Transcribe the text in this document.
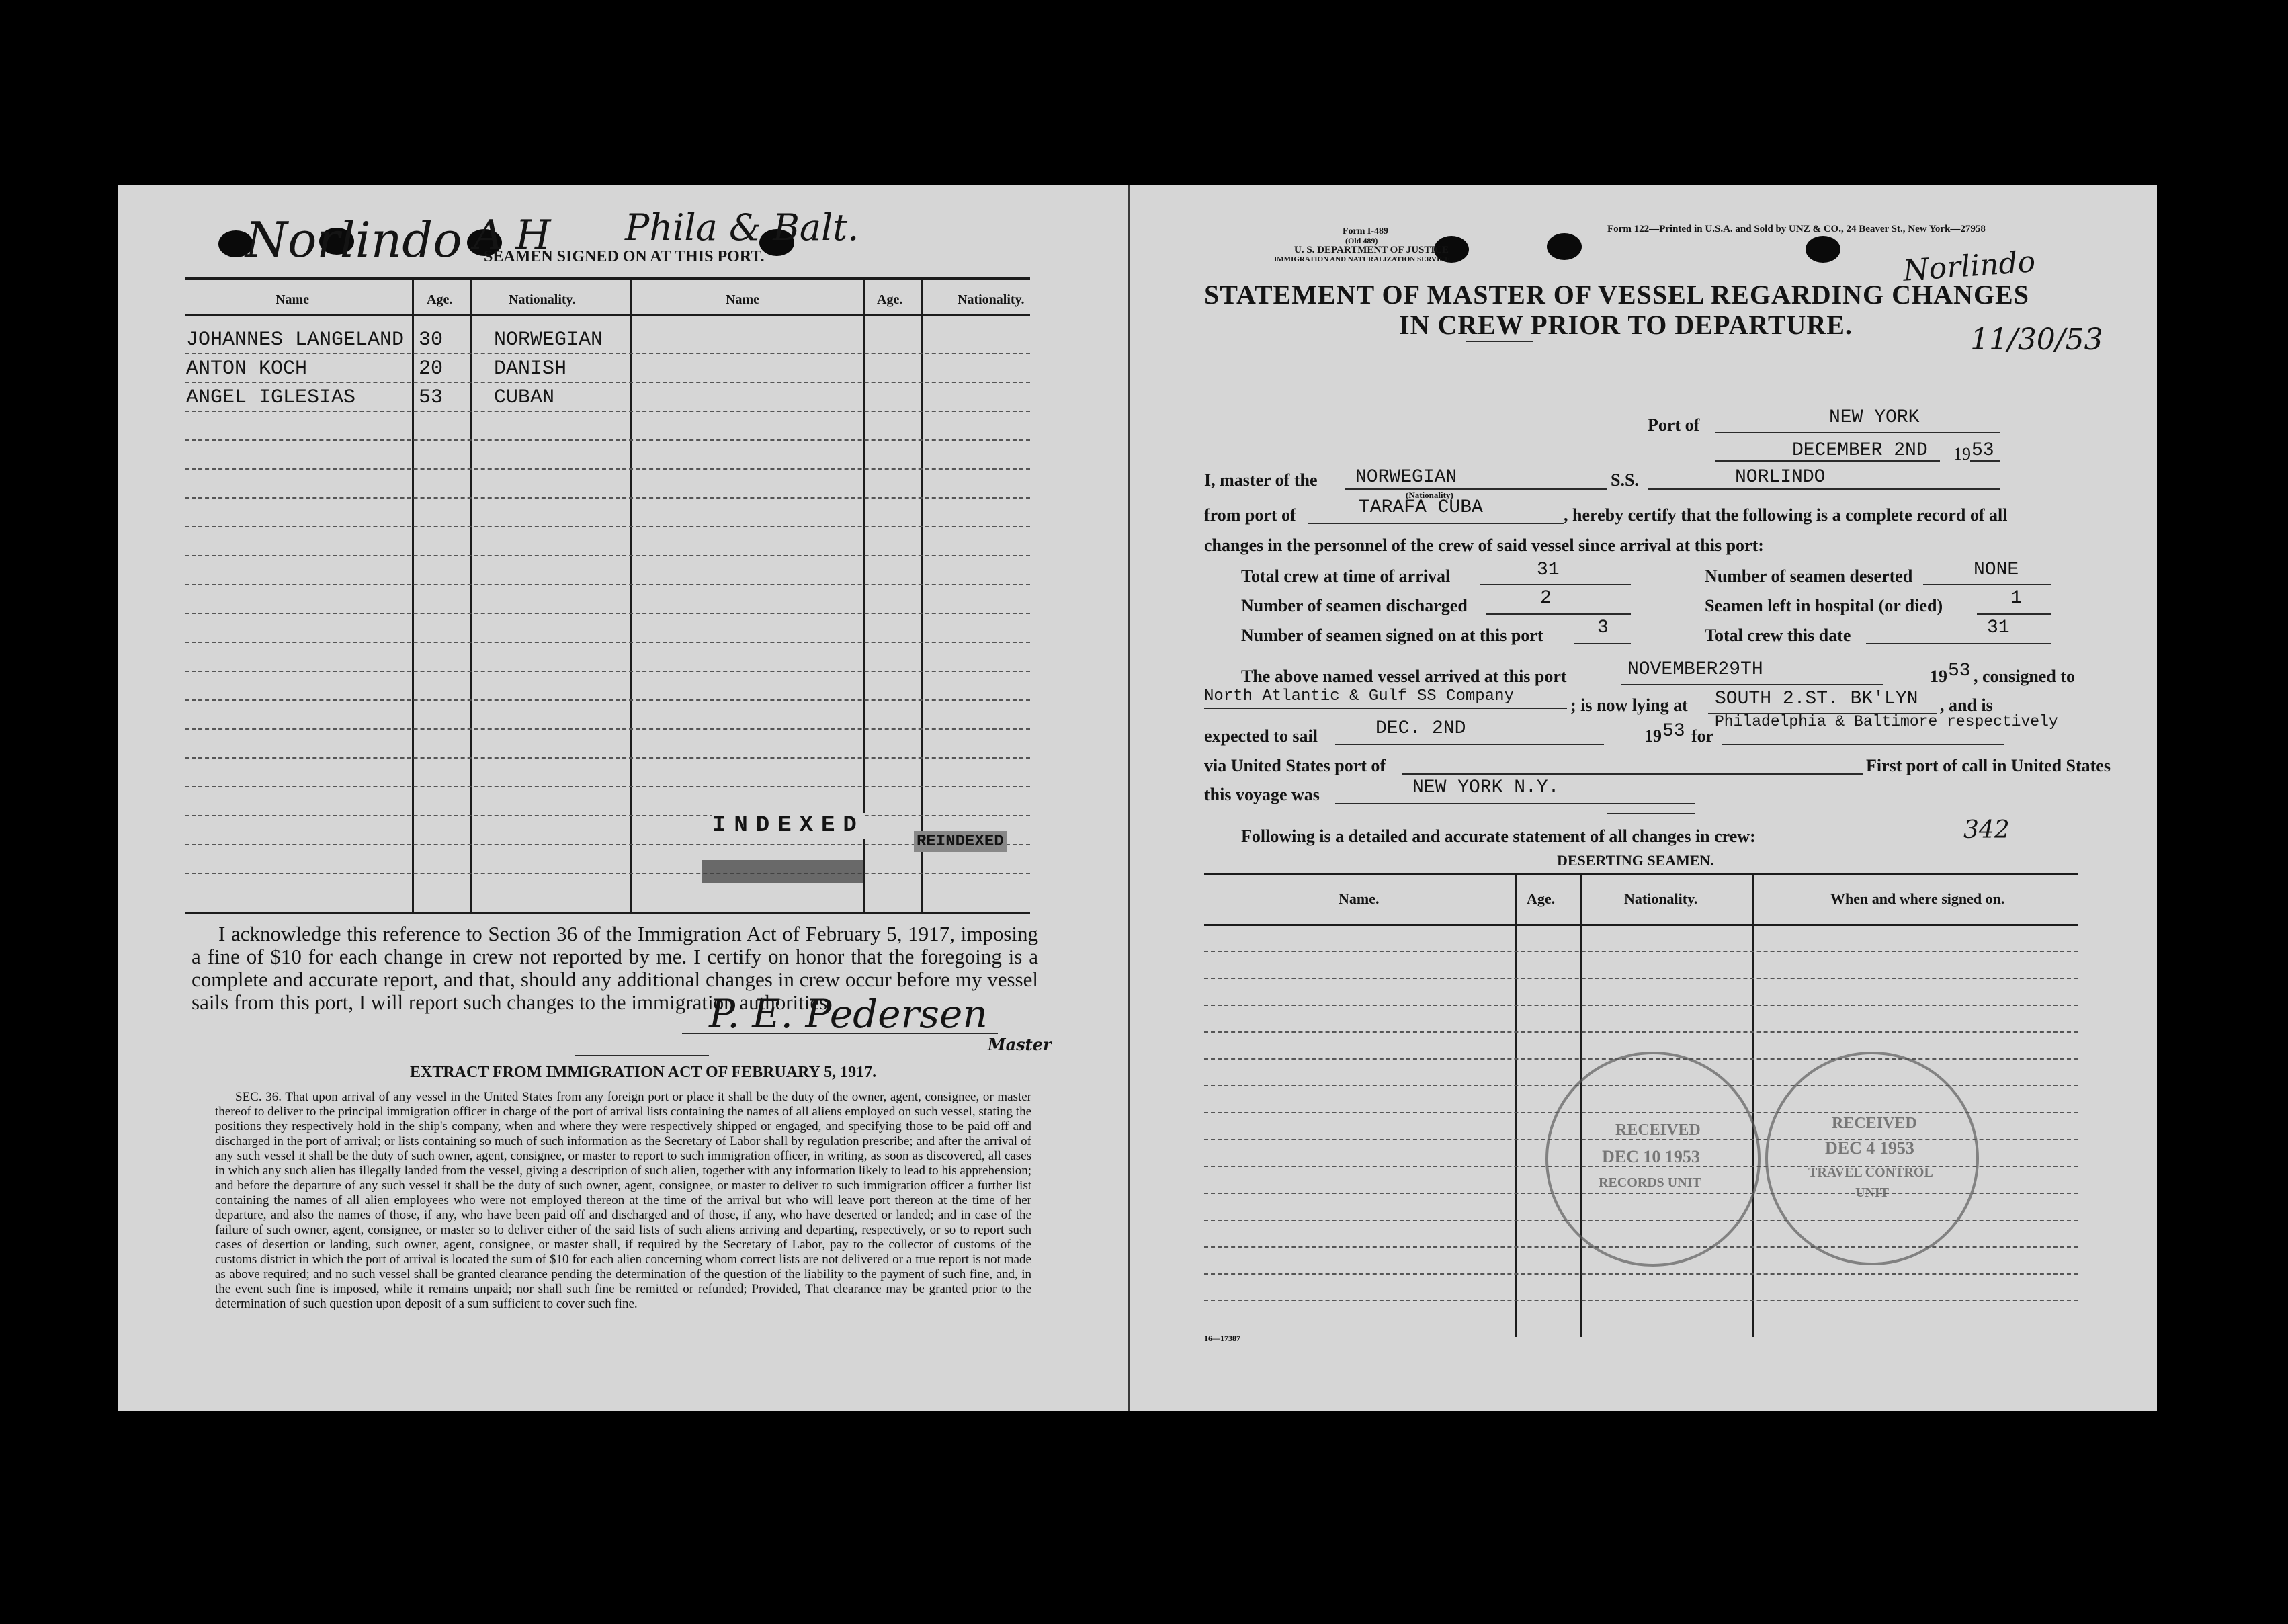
Norlindo A H Phila & Balt.
SEAMEN SIGNED ON AT THIS PORT.
Name	Age.	Nationality.	Name	Age.	Nationality.
JOHANNES LANGELAND 30	NORWEGIAN
ANTON KOCH	20	DANISH
ANGEL IGLESIAS	53	CUBAN
INDEXED
REINDEXED
I acknowledge this reference to Section 36 of the Immigration Act of February 5, 1917, imposing a fine of $10 for each change in crew not reported by me. I certify on honor that the foregoing is a complete and accurate report, and that, should any additional changes in crew occur before my vessel sails from this port, I will report such changes to the immigration authorities.
P. E. Pedersen
Master
EXTRACT FROM IMMIGRATION ACT OF FEBRUARY 5, 1917.
SEC. 36. That upon arrival of any vessel in the United States from any foreign port or place it shall be the duty of the owner, agent, consignee, or master thereof to deliver to the principal immigration officer in charge of the port of arrival lists containing the names of all aliens employed on such vessel, stating the positions they respectively hold in the ship's company, when and where they were respectively shipped or engaged, and specifying those to be paid off and discharged in the port of arrival; or lists containing so much of such information as the Secretary of Labor shall by regulation prescribe; and after the arrival of any such vessel it shall be the duty of such owner, agent, consignee, or master to report to such immigration officer, in writing, as soon as discovered, all cases in which any such alien has illegally landed from the vessel, giving a description of such alien, together with any information likely to lead to his apprehension; and before the departure of any such vessel it shall be the duty of such owner, agent, consignee, or master to deliver to such immigration officer a further list containing the names of all alien employees who were not employed thereon at the time of the arrival but who will leave port thereon at the time of her departure, and also the names of those, if any, who have been paid off and discharged and of those, if any, who have deserted or landed; and in case of the failure of such owner, agent, consignee, or master so to deliver either of the said lists of such aliens arriving and departing, respectively, or so to report such cases of desertion or landing, such owner, agent, consignee, or master shall, if required by the Secretary of Labor, pay to the collector of customs of the customs district in which the port of arrival is located the sum of $10 for each alien concerning whom correct lists are not delivered or a true report is not made as above required; and no such vessel shall be granted clearance pending the determination of the question of the liability to the payment of such fine, and, in the event such fine is imposed, while it remains unpaid; nor shall such fine be remitted or refunded; Provided, That clearance may be granted prior to the determination of such question upon deposit of a sum sufficient to cover such fine.
Form I-489
(Old 489)
U. S. DEPARTMENT OF JUSTICE
IMMIGRATION AND NATURALIZATION SERVICE
Form 122—Printed in U.S.A. and Sold by UNZ & CO., 24 Beaver St., New York—27958
STATEMENT OF MASTER OF VESSEL REGARDING CHANGES
IN CREW PRIOR TO DEPARTURE.
Norlindo
11/30/53
Port of	NEW YORK
DECEMBER 2ND 19 53
I, master of the NORWEGIAN
(Nationality)
S.S.	NORLINDO
from port of	TARAFA CUBA	, hereby certify that the following is a complete record of all
changes in the personnel of the crew of said vessel since arrival at this port:
Total crew at time of arrival	31	Number of seamen deserted	NONE
Number of seamen discharged	2	Seamen left in hospital (or died)	1
Number of seamen signed on at this port	3	Total crew this date	31
The above named vessel arrived at this port	NOVEMBER29TH	19 53 , consigned to
North Atlantic & Gulf SS Company	; is now lying at SOUTH 2.ST. BK'LYN , and is
expected to sail	DEC. 2ND	19 53 for
Philadelphia & Baltimore respectively
via United States port of	First port of call in United States
this voyage was	NEW YORK N.Y.
Following is a detailed and accurate statement of all changes in crew:	342
DESERTING SEAMEN.
Name.	Age.	Nationality.	When and where signed on.
RECEIVED
DEC 10 1953
RECORDS UNIT
RECEIVED
DEC 4 1953
TRAVEL CONTROL
UNIT
16—17387
